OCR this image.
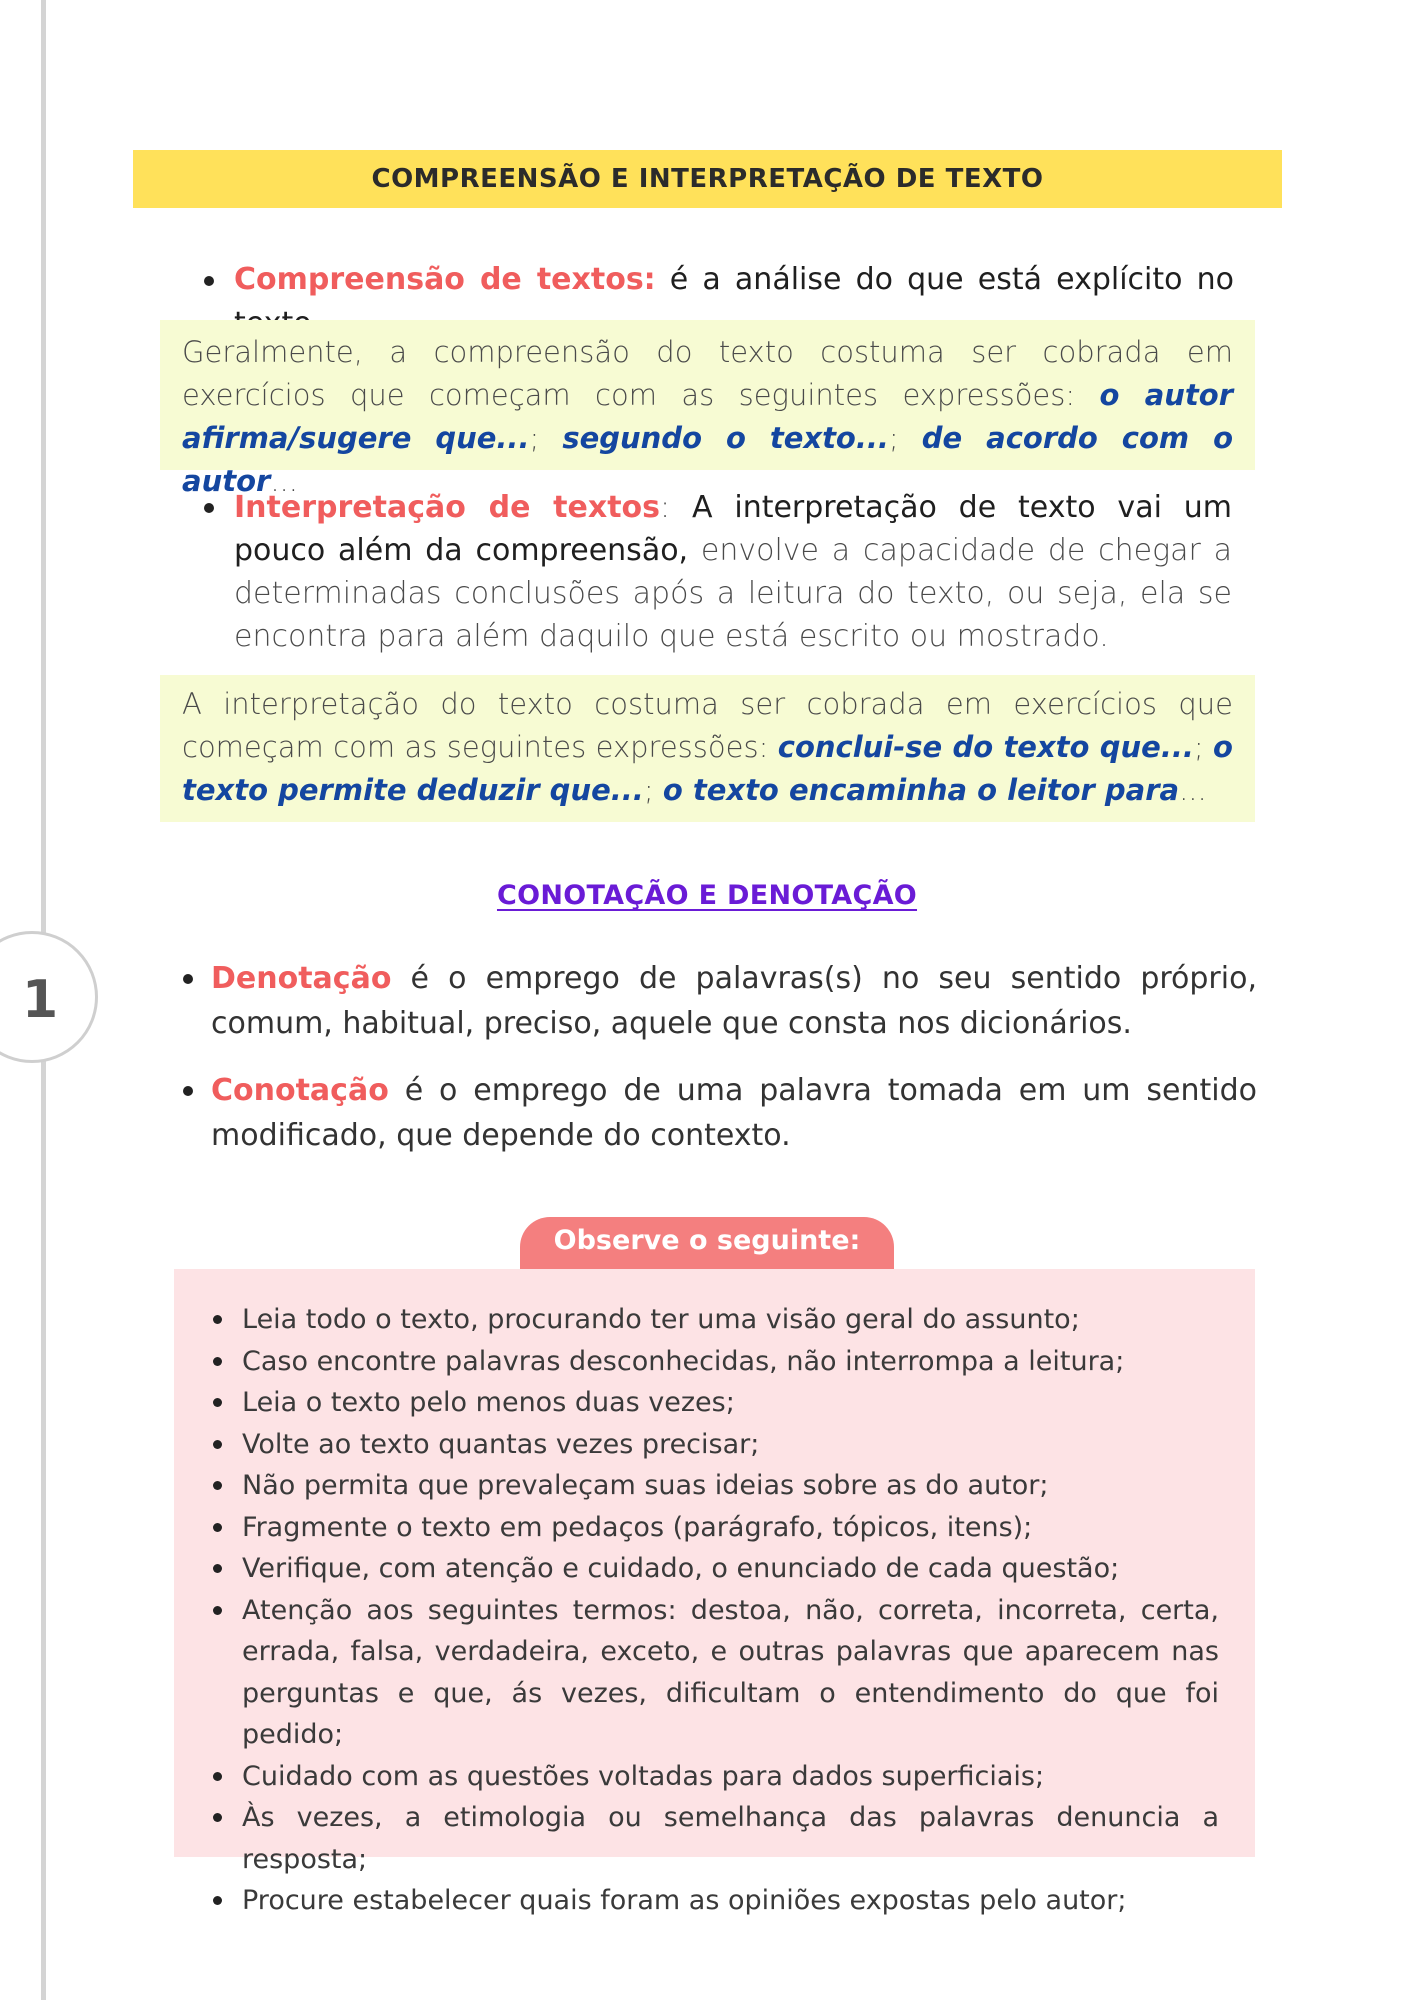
1
COMPREENSÃO E INTERPRETAÇÃO DE TEXTO
Compreensão de textos: é a análise do que está explícito no
Geralmente, a compreensão do texto costuma ser cobrada em exercícios que começam com as seguintes expressões: o autor afirma/sugere que...; segundo o texto...; de acordo com o autor...
Interpretação de textos: A interpretação de texto vai um pouco além da compreensão, envolve a capacidade de chegar a determinadas conclusões após a leitura do texto, ou seja, ela se encontra para além daquilo que está escrito ou mostrado.
A interpretação do texto costuma ser cobrada em exercícios que começam com as seguintes expressões: conclui-se do texto que...; o texto permite deduzir que...; o texto encaminha o leitor para...
CONOTAÇÃO E DENOTAÇÃO
Denotação é o emprego de palavras(s) no seu sentido próprio, comum, habitual, preciso, aquele que consta nos dicionários.
Conotação é o emprego de uma palavra tomada em um sentido modificado, que depende do contexto.
Observe o seguinte:
Leia todo o texto, procurando ter uma visão geral do assunto;
Caso encontre palavras desconhecidas, não interrompa a leitura;
Leia o texto pelo menos duas vezes;
Volte ao texto quantas vezes precisar;
Não permita que prevaleçam suas ideias sobre as do autor;
Fragmente o texto em pedaços (parágrafo, tópicos, itens);
Verifique, com atenção e cuidado, o enunciado de cada questão;
Atenção aos seguintes termos: destoa, não, correta, incorreta, certa, errada, falsa, verdadeira, exceto, e outras palavras que aparecem nas perguntas e que, ás vezes, dificultam o entendimento do que foi pedido;
Cuidado com as questões voltadas para dados superficiais;
Às vezes, a etimologia ou semelhança das palavras denuncia a resposta;
Procure estabelecer quais foram as opiniões expostas pelo autor;
